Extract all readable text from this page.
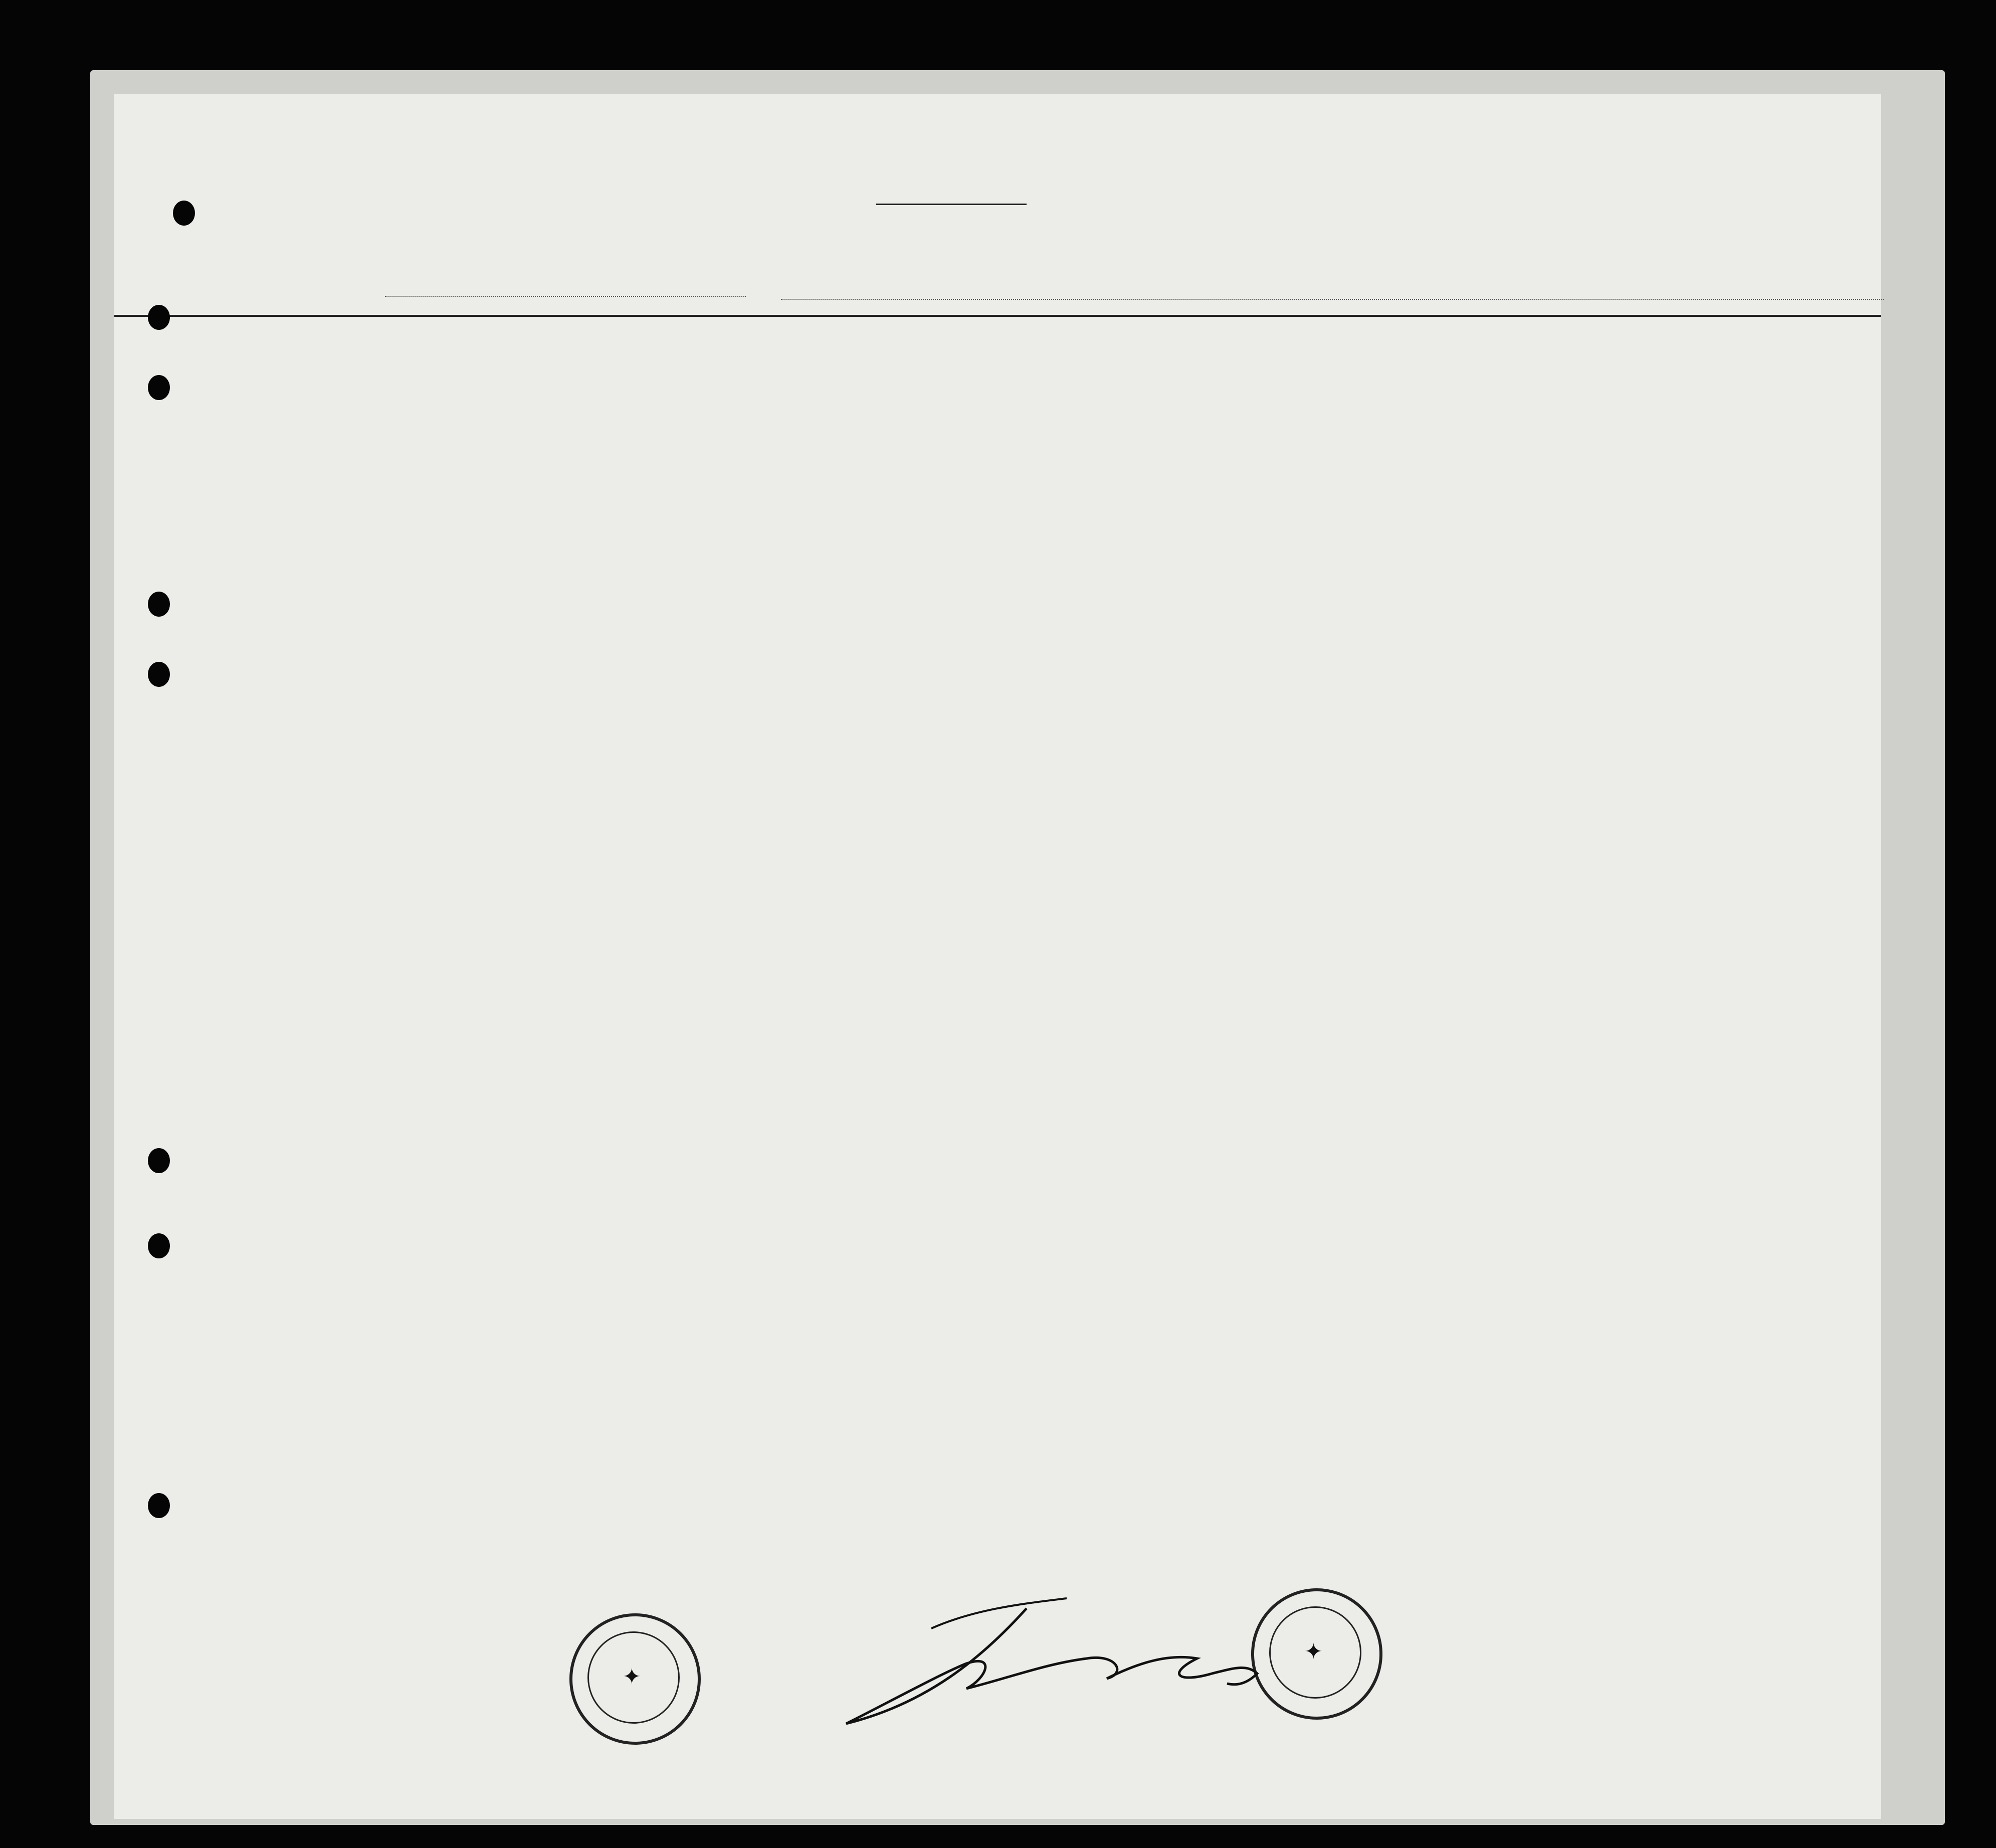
✦
✦
